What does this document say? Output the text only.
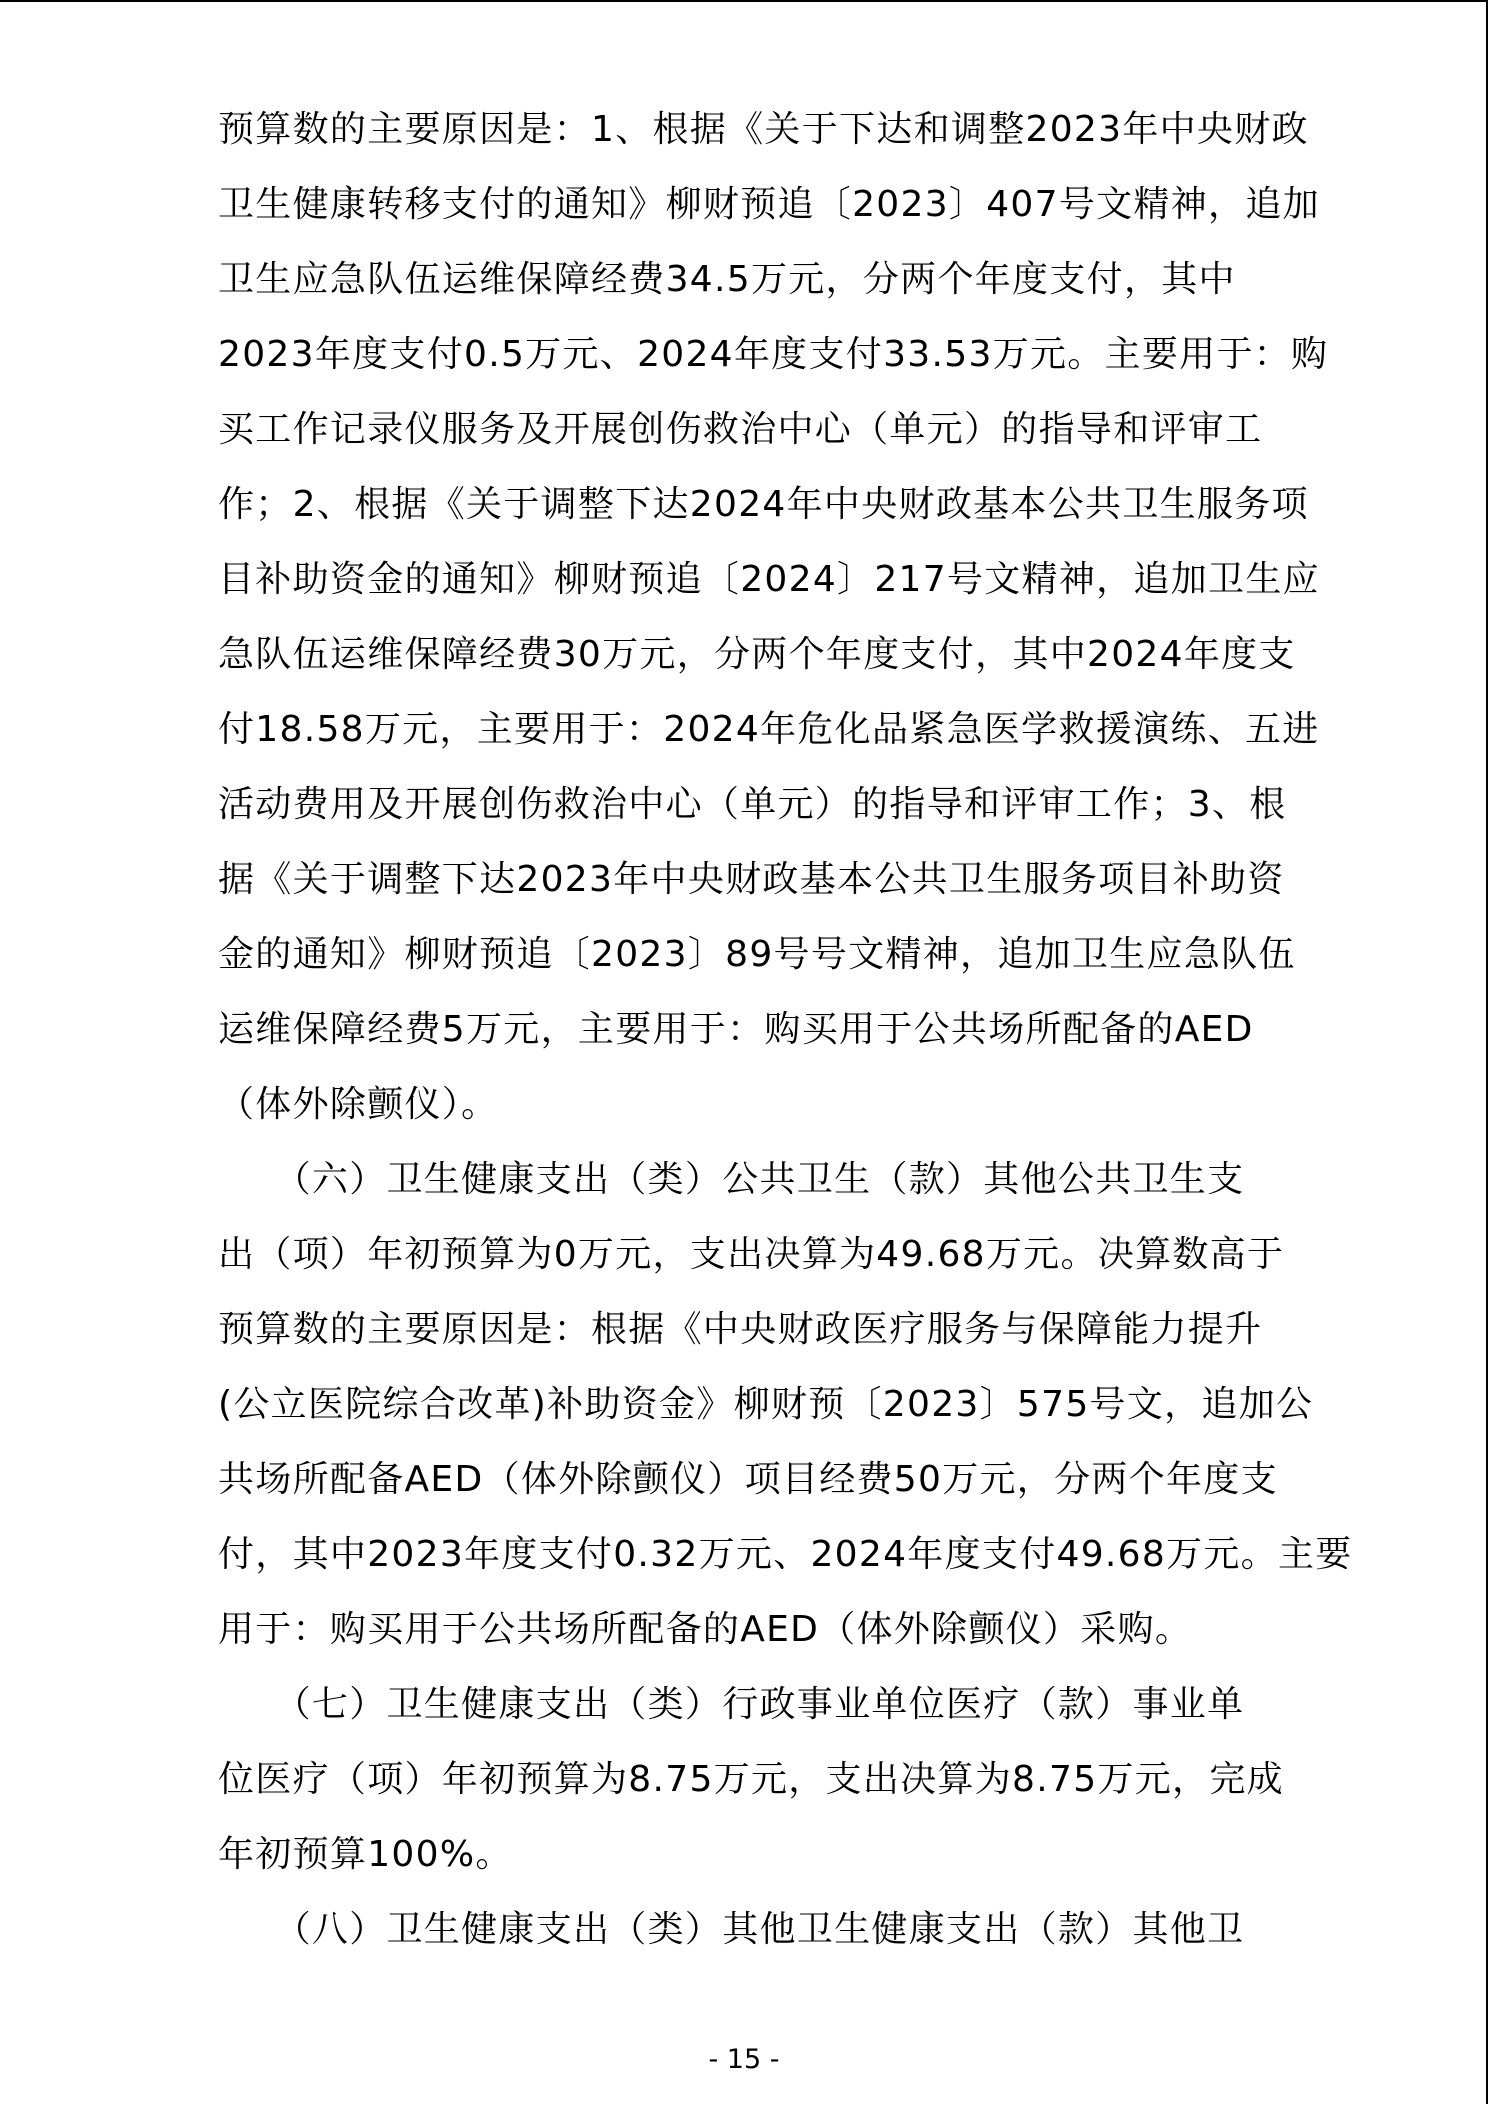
预算数的主要原因是：1、根据《关于下达和调整2023年中央财政
卫生健康转移支付的通知》柳财预追〔2023〕407号文精神，追加
卫生应急队伍运维保障经费34.5万元，分两个年度支付，其中
2023年度支付0.5万元、2024年度支付33.53万元。主要用于：购
买工作记录仪服务及开展创伤救治中心（单元）的指导和评审工
作；2、根据《关于调整下达2024年中央财政基本公共卫生服务项
目补助资金的通知》柳财预追〔2024〕217号文精神，追加卫生应
急队伍运维保障经费30万元，分两个年度支付，其中2024年度支
付18.58万元，主要用于：2024年危化品紧急医学救援演练、五进
活动费用及开展创伤救治中心（单元）的指导和评审工作；3、根
据《关于调整下达2023年中央财政基本公共卫生服务项目补助资
金的通知》柳财预追〔2023〕89号号文精神，追加卫生应急队伍
运维保障经费5万元，主要用于：购买用于公共场所配备的AED
（体外除颤仪）。
　　（六）卫生健康支出（类）公共卫生（款）其他公共卫生支
出（项）年初预算为0万元，支出决算为49.68万元。决算数高于
预算数的主要原因是：根据《中央财政医疗服务与保障能力提升
(公立医院综合改革)补助资金》柳财预〔2023〕575号文，追加公
共场所配备AED（体外除颤仪）项目经费50万元，分两个年度支
付，其中2023年度支付0.32万元、2024年度支付49.68万元。主要
用于：购买用于公共场所配备的AED（体外除颤仪）采购。
　　（七）卫生健康支出（类）行政事业单位医疗（款）事业单
位医疗（项）年初预算为8.75万元，支出决算为8.75万元，完成
年初预算100%。
　　（八）卫生健康支出（类）其他卫生健康支出（款）其他卫
- 15 -
